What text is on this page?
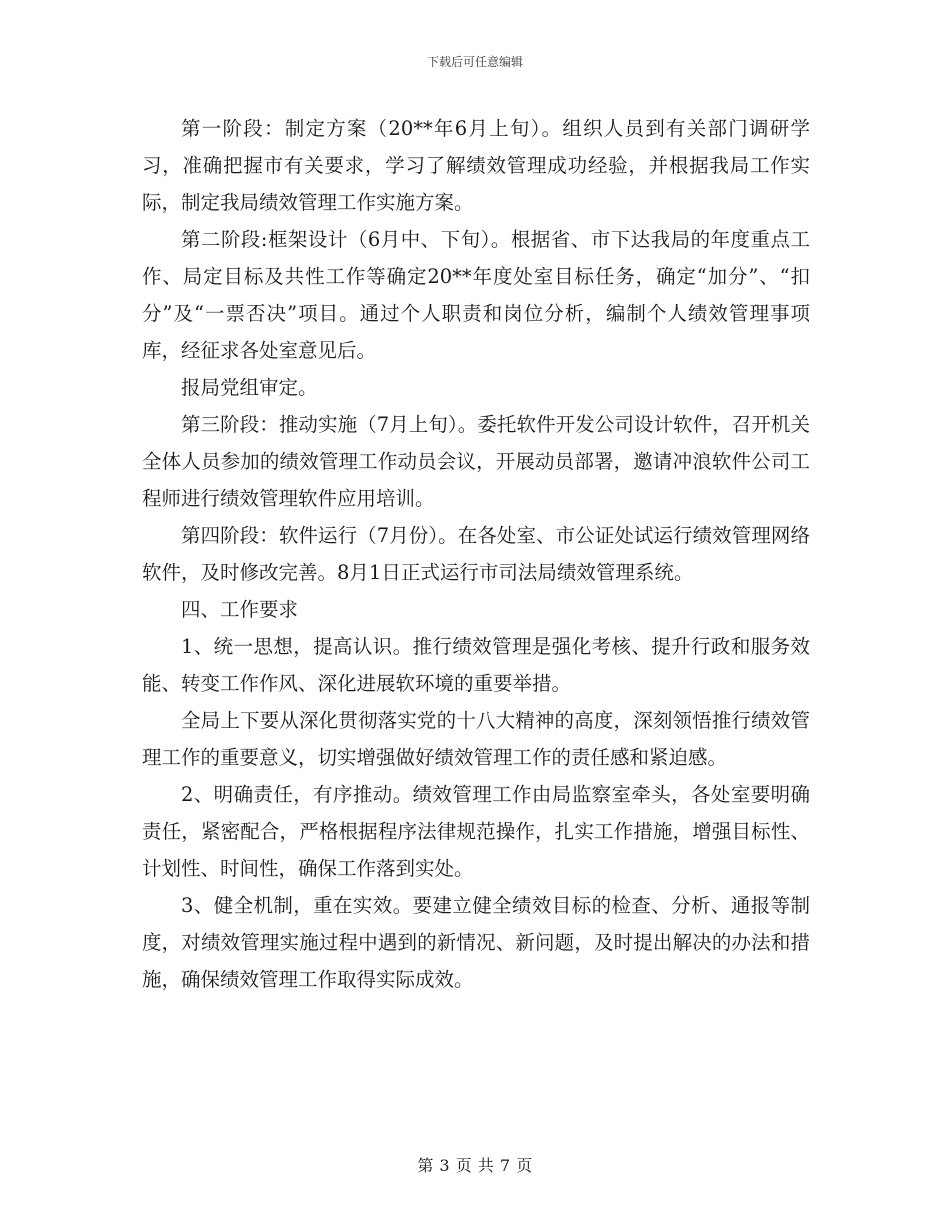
下载后可任意编辑

第一阶段：制定方案（20**年6月上旬）。组织人员到有关部门调研学习，准确把握市有关要求，学习了解绩效管理成功经验，并根据我局工作实际，制定我局绩效管理工作实施方案。

第二阶段:框架设计（6月中、下旬）。根据省、市下达我局的年度重点工作、局定目标及共性工作等确定20**年度处室目标任务，确定“加分”、“扣分”及“一票否决”项目。通过个人职责和岗位分析，编制个人绩效管理事项库，经征求各处室意见后。

报局党组审定。

第三阶段：推动实施（7月上旬）。委托软件开发公司设计软件，召开机关全体人员参加的绩效管理工作动员会议，开展动员部署，邀请冲浪软件公司工程师进行绩效管理软件应用培训。

第四阶段：软件运行（7月份）。在各处室、市公证处试运行绩效管理网络软件，及时修改完善。8月1日正式运行市司法局绩效管理系统。

四、工作要求

1、统一思想，提高认识。推行绩效管理是强化考核、提升行政和服务效能、转变工作作风、深化进展软环境的重要举措。

全局上下要从深化贯彻落实党的十八大精神的高度，深刻领悟推行绩效管理工作的重要意义，切实增强做好绩效管理工作的责任感和紧迫感。

2、明确责任，有序推动。绩效管理工作由局监察室牵头，各处室要明确责任，紧密配合，严格根据程序法律规范操作，扎实工作措施，增强目标性、计划性、时间性，确保工作落到实处。

3、健全机制，重在实效。要建立健全绩效目标的检查、分析、通报等制度，对绩效管理实施过程中遇到的新情况、新问题，及时提出解决的办法和措施，确保绩效管理工作取得实际成效。

第 3 页 共 7 页
